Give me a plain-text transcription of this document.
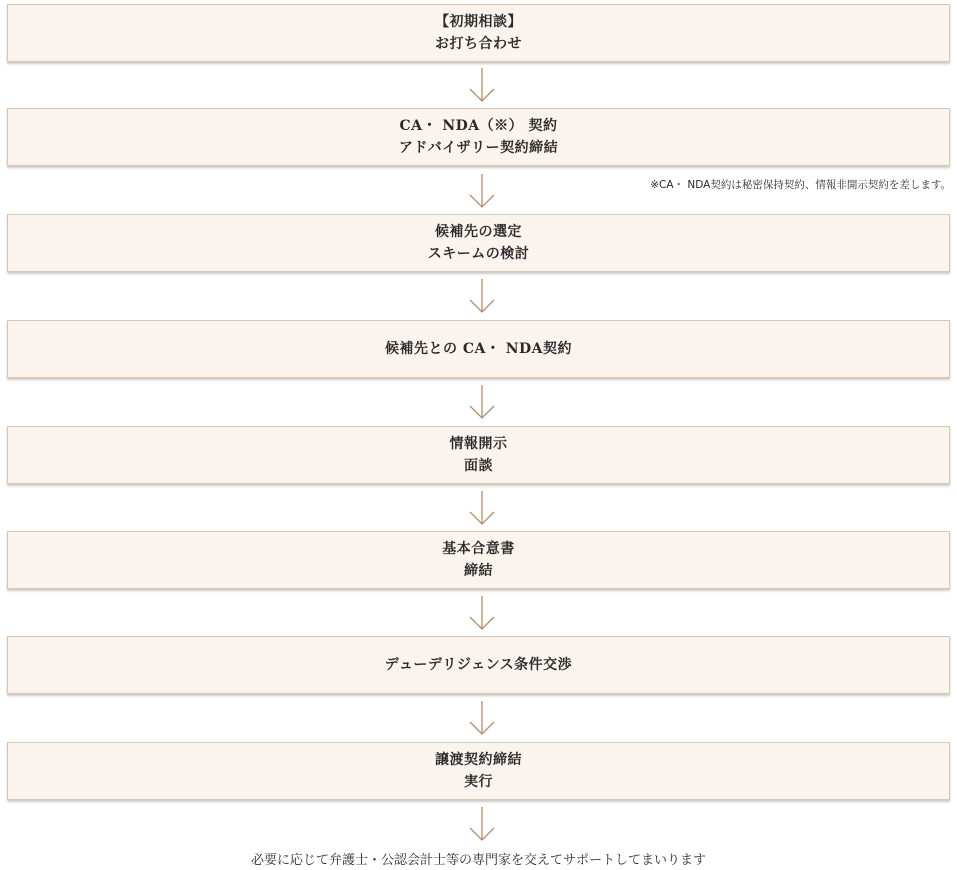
【初期相談】
お打ち合わせ
CA・ NDA（※） 契約
アドバイザリー契約締結
※CA・ NDA契約は秘密保持契約、情報非開示契約を差します。
候補先の選定
スキームの検討
候補先との CA・ NDA契約
情報開示
面談
基本合意書
締結
デューデリジェンス条件交渉
譲渡契約締結
実行
必要に応じて弁護士・公認会計士等の専門家を交えてサポートしてまいります
